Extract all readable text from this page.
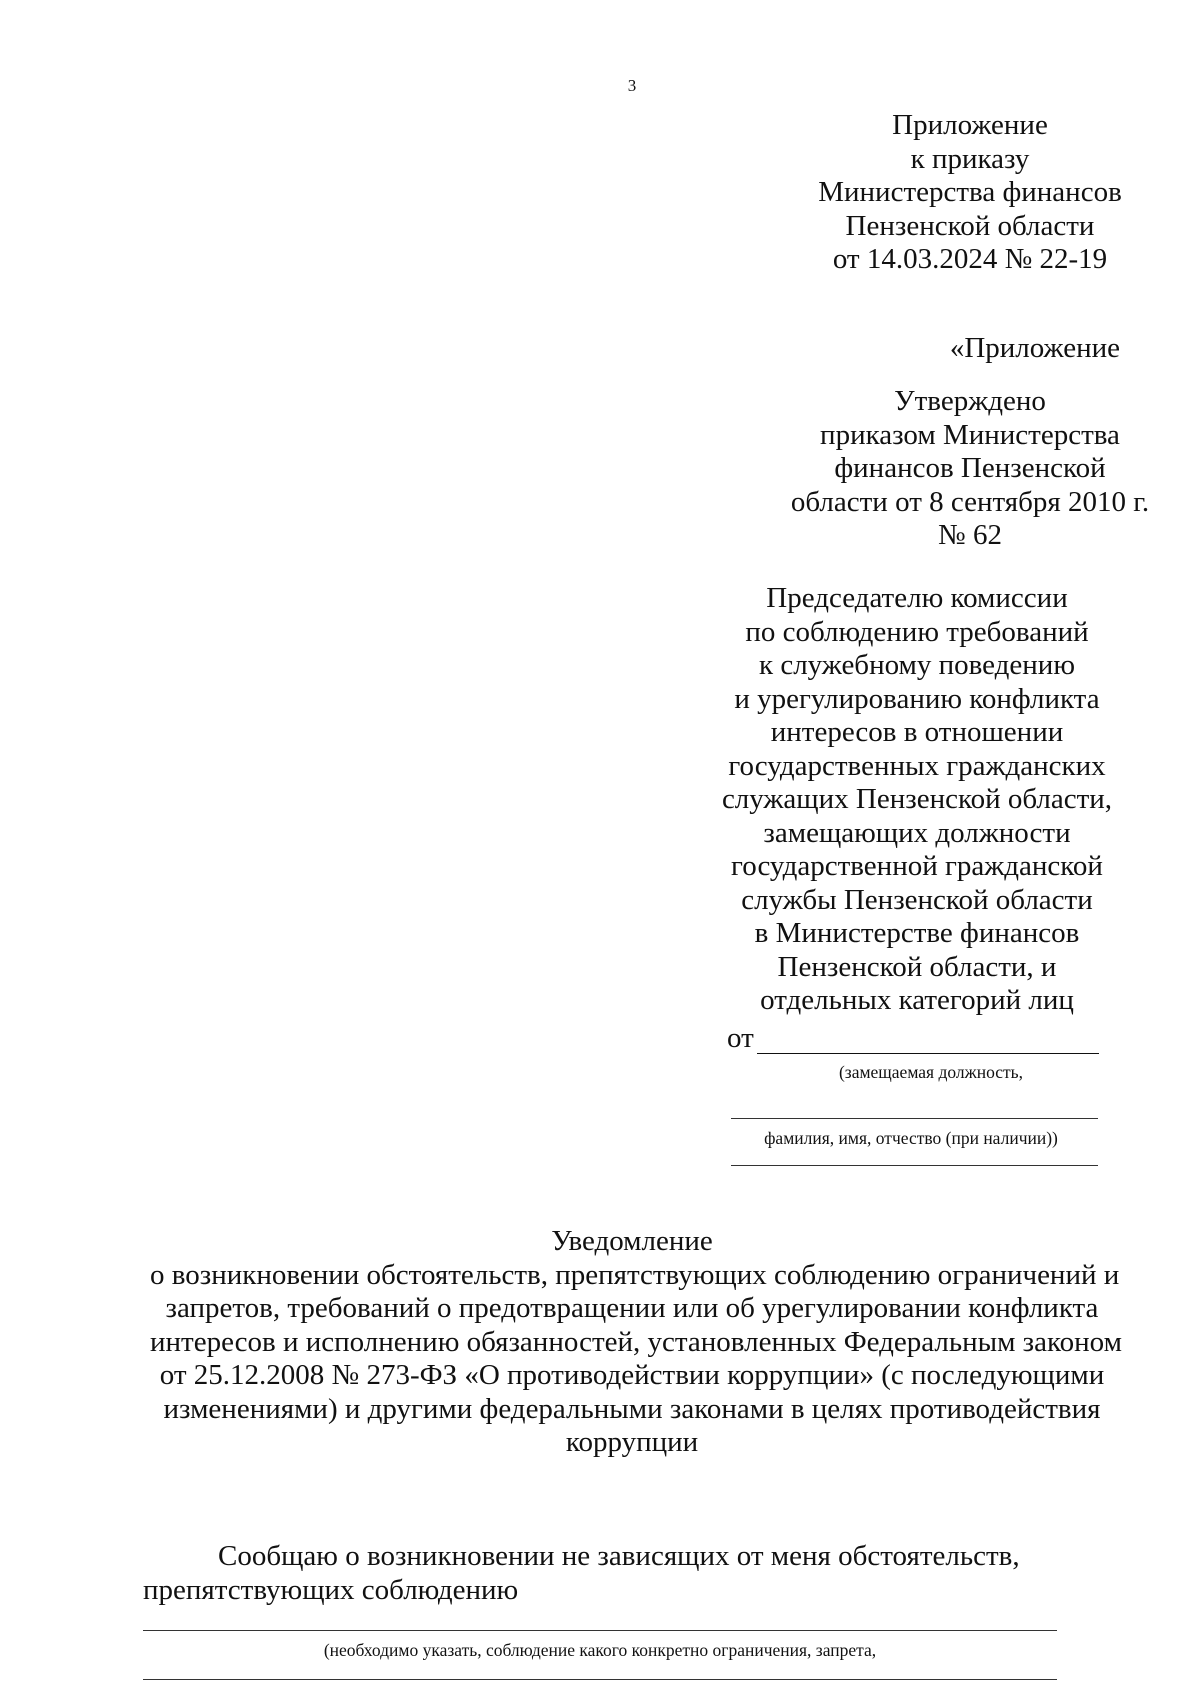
3
Приложение
к приказу
Министерства финансов
Пензенской области
от 14.03.2024 № 22-19
«Приложение
Утверждено
приказом Министерства
финансов Пензенской
области от 8 сентября 2010 г.
№ 62
Председателю комиссии
по соблюдению требований
к служебному поведению
и урегулированию конфликта
интересов в отношении
государственных гражданских
служащих Пензенской области,
замещающих должности
государственной гражданской
службы Пензенской области
в Министерстве финансов
Пензенской области, и
отдельных категорий лиц
от
(замещаемая должность,
фамилия, имя, отчество (при наличии))
Уведомление
о возникновении обстоятельств, препятствующих соблюдению ограничений и
запретов, требований о предотвращении или об урегулировании конфликта
интересов и исполнению обязанностей, установленных Федеральным законом
от 25.12.2008 № 273-ФЗ «О противодействии коррупции» (с последующими
изменениями) и другими федеральными законами в целях противодействия
коррупции
Сообщаю о возникновении не зависящих от меня обстоятельств,
препятствующих соблюдению
(необходимо указать, соблюдение какого конкретно ограничения, запрета,
